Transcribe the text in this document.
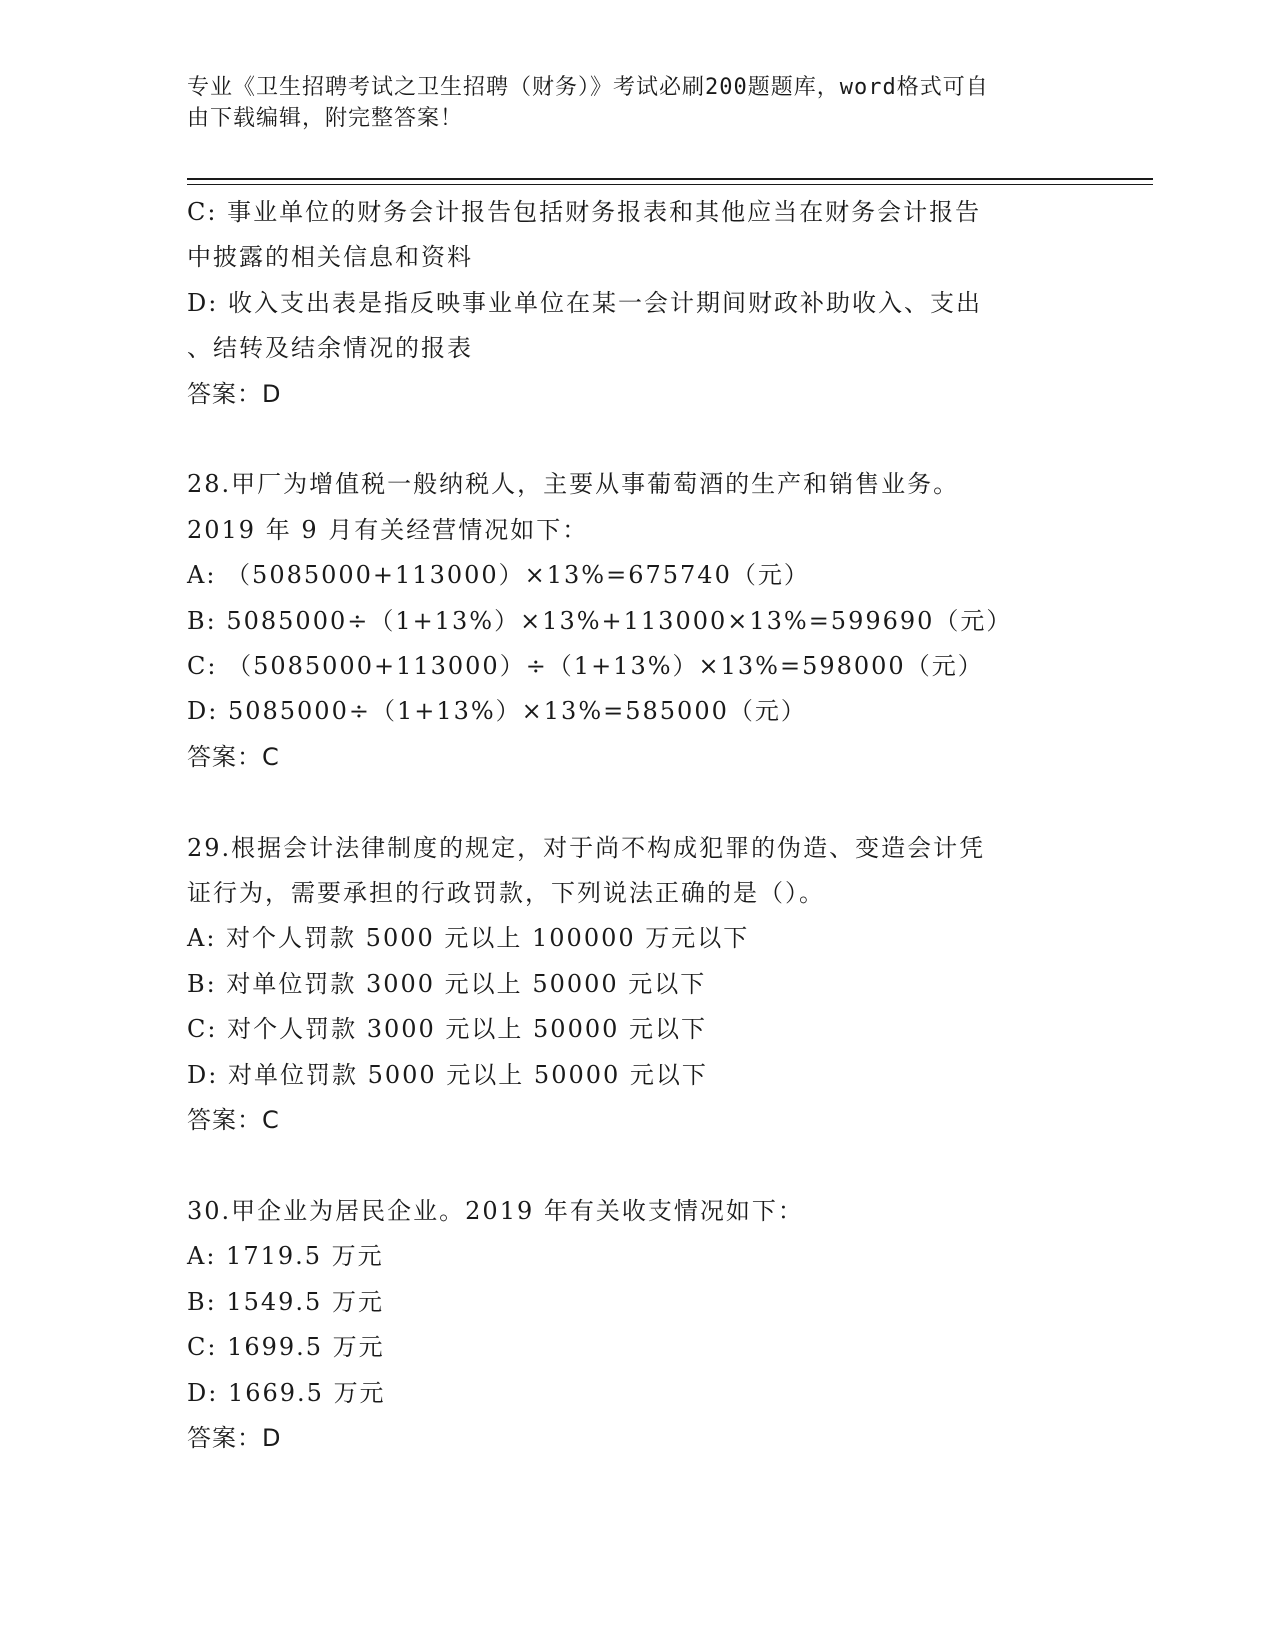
专业《卫生招聘考试之卫生招聘（财务）》考试必刷200题题库，word格式可自
由下载编辑，附完整答案！
C: 事业单位的财务会计报告包括财务报表和其他应当在财务会计报告
中披露的相关信息和资料
D: 收入支出表是指反映事业单位在某一会计期间财政补助收入、支出
、结转及结余情况的报表
答案：D
28.甲厂为增值税一般纳税人，主要从事葡萄酒的生产和销售业务。
2019 年 9 月有关经营情况如下：
A: （5085000+113000）×13%=675740（元）
B: 5085000÷（1+13%）×13%+113000×13%=599690（元）
C: （5085000+113000）÷（1+13%）×13%=598000（元）
D: 5085000÷（1+13%）×13%=585000（元）
答案：C
29.根据会计法律制度的规定，对于尚不构成犯罪的伪造、变造会计凭
证行为，需要承担的行政罚款，下列说法正确的是（）。
A: 对个人罚款 5000 元以上 100000 万元以下
B: 对单位罚款 3000 元以上 50000 元以下
C: 对个人罚款 3000 元以上 50000 元以下
D: 对单位罚款 5000 元以上 50000 元以下
答案：C
30.甲企业为居民企业。2019 年有关收支情况如下：
A: 1719.5 万元
B: 1549.5 万元
C: 1699.5 万元
D: 1669.5 万元
答案：D
